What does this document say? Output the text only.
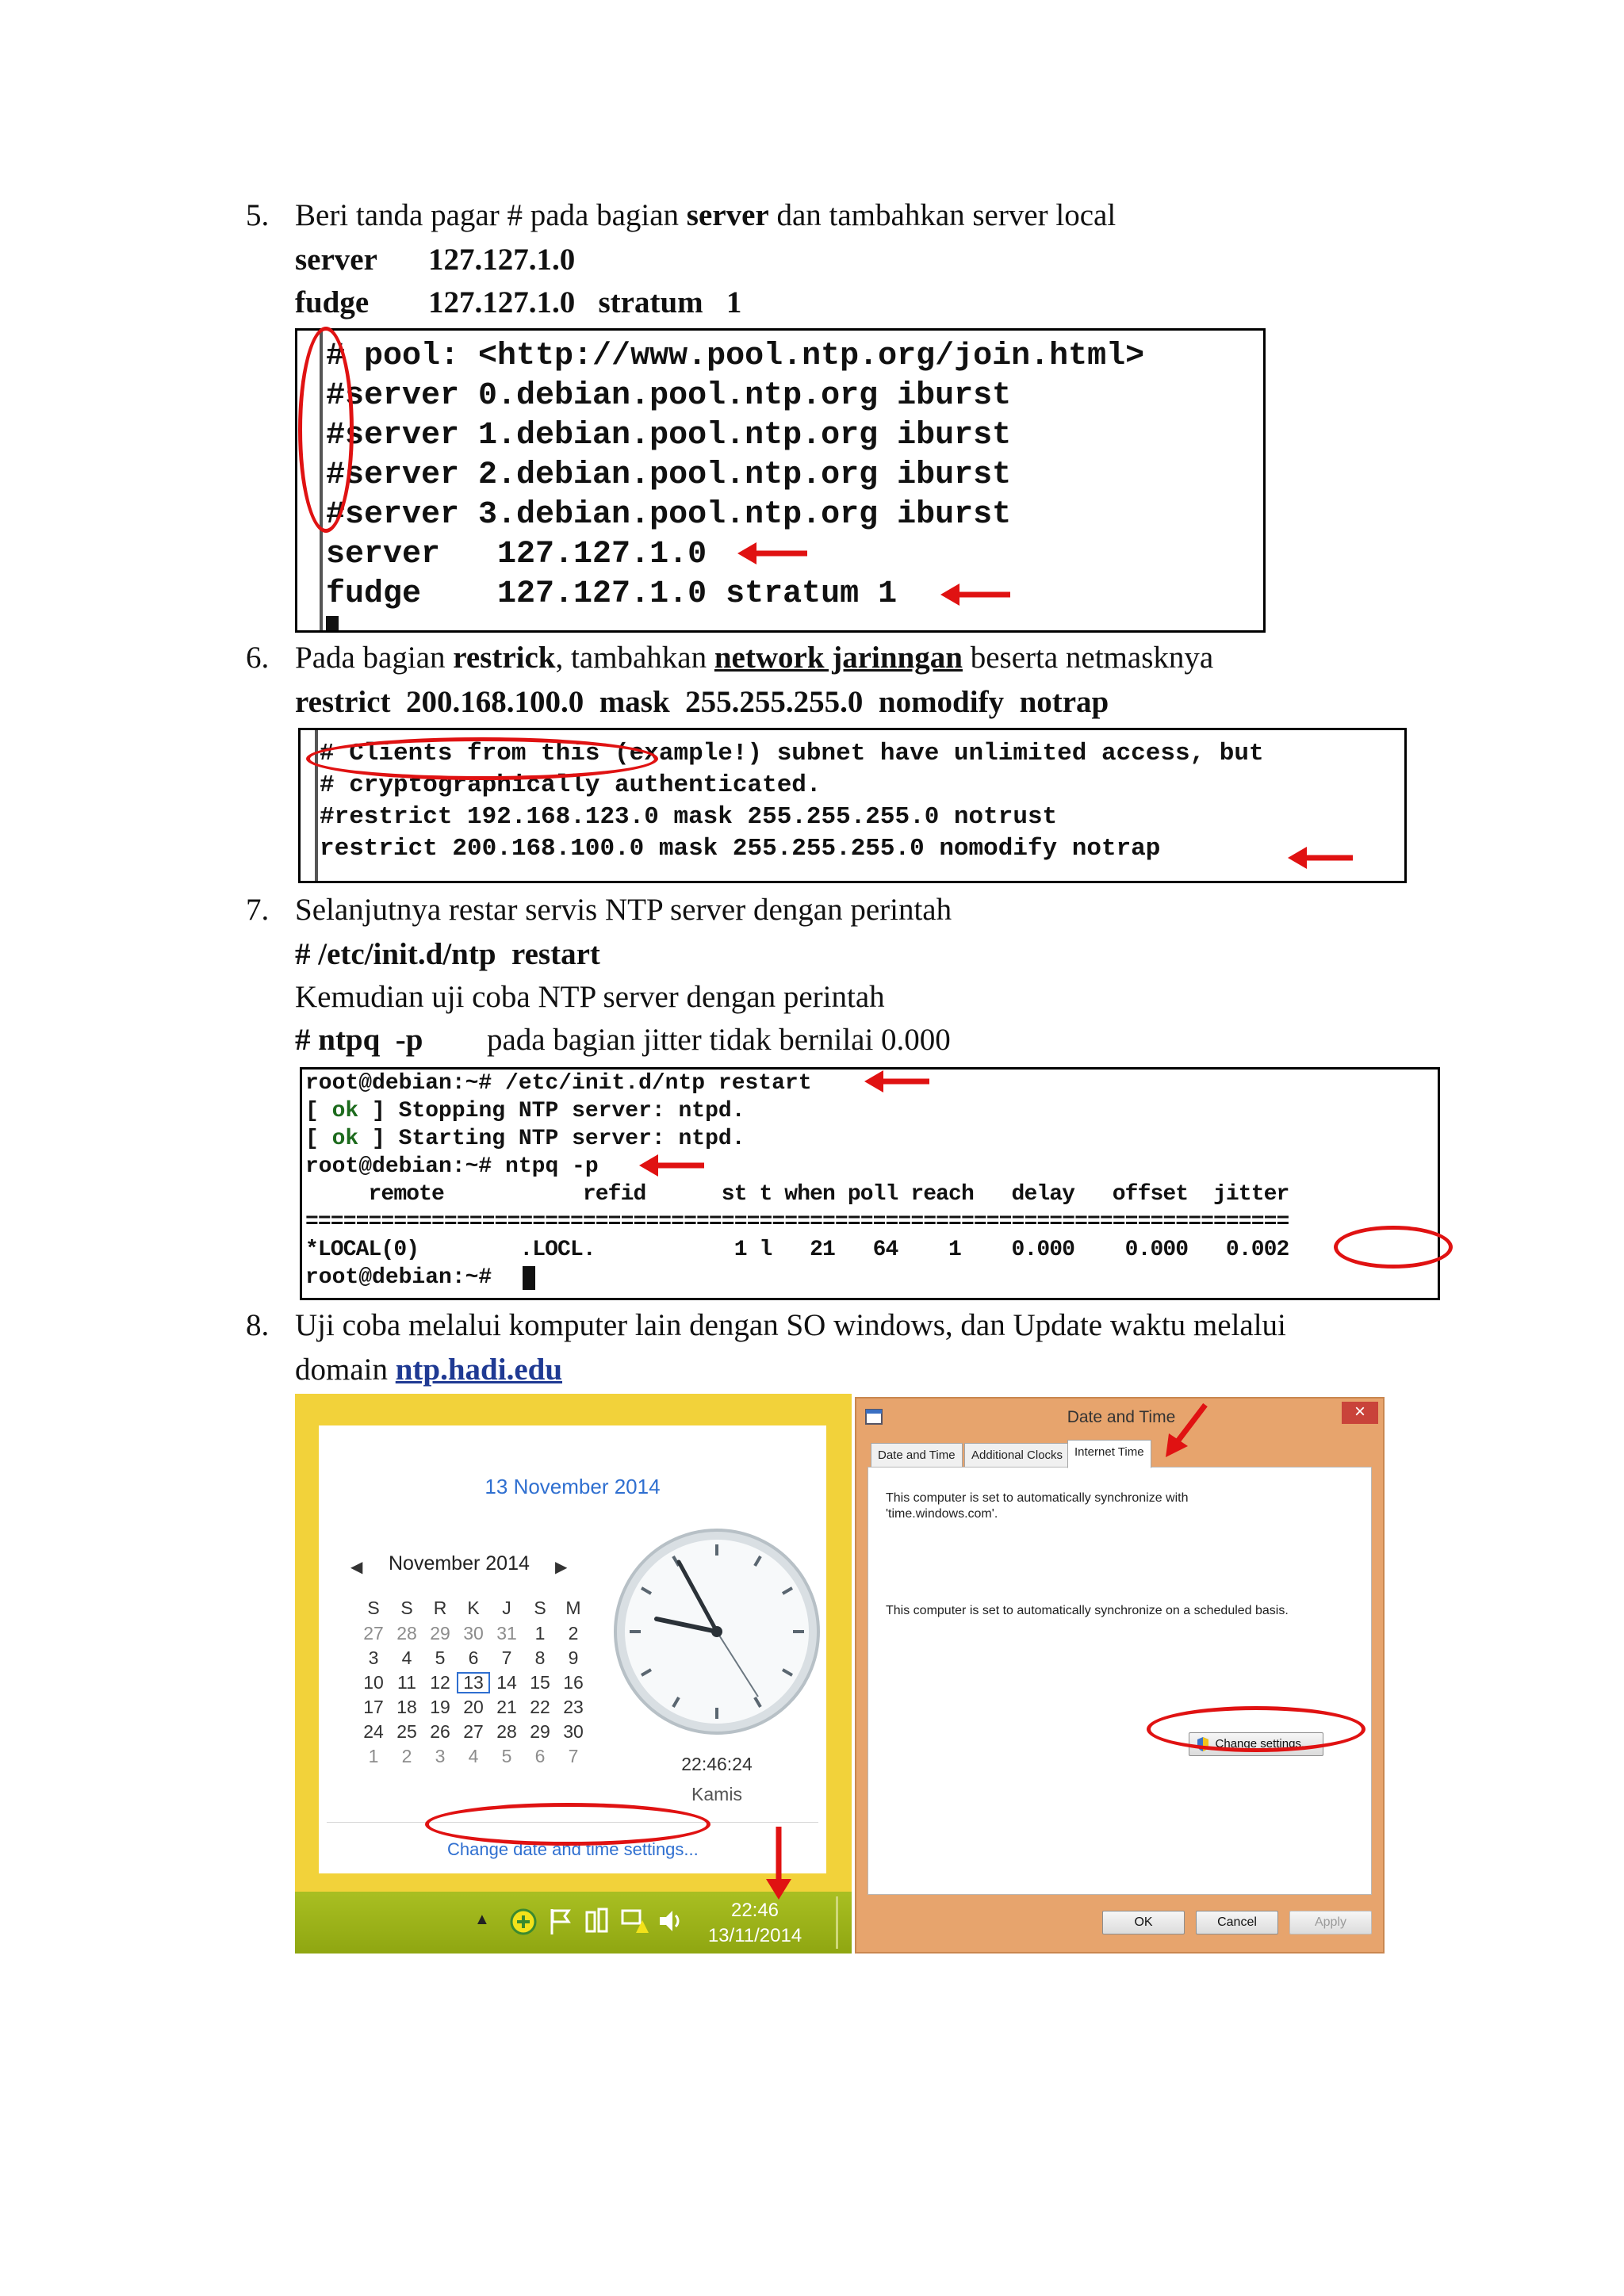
5. Beri tanda pagar # pada bagian server dan tambahkan server local
server 127.127.1.0
fudge 127.127.1.0   stratum   1
# pool: <http://www.pool.ntp.org/join.html>
#server 0.debian.pool.ntp.org iburst
#server 1.debian.pool.ntp.org iburst
#server 2.debian.pool.ntp.org iburst
#server 3.debian.pool.ntp.org iburst
server   127.127.1.0
fudge    127.127.1.0 stratum 1
6. Pada bagian restrick, tambahkan network jarinngan beserta netmasknya
restrict  200.168.100.0  mask  255.255.255.0  nomodify  notrap
# Clients from this (example!) subnet have unlimited access, but
# cryptographically authenticated.
#restrict 192.168.123.0 mask 255.255.255.0 notrust
restrict 200.168.100.0 mask 255.255.255.0 nomodify notrap
7. Selanjutnya restar servis NTP server dengan perintah
# /etc/init.d/ntp  restart
Kemudian uji coba NTP server dengan perintah
# ntpq  -p pada bagian jitter tidak bernilai 0.000
root@debian:~# /etc/init.d/ntp restart
[ ok ] Stopping NTP server: ntpd.
[ ok ] Starting NTP server: ntpd.
root@debian:~# ntpq -p
remote           refid      st t when poll reach   delay   offset  jitter
==============================================================================
*LOCAL(0)        .LOCL.           1 l   21   64    1    0.000    0.000   0.002
root@debian:~#
8. Uji coba melalui komputer lain dengan SO windows, dan Update waktu melalui
domain ntp.hadi.edu
13 November 2014
◀ November 2014 ▶
S	S	R	K	J	S	M
27 28 29 30 31 1	2
3	4	5	6	7	8	9
10 11 12 13 14 15 16
17 18 19 20 21 22 23
24 25 26 27 28 29 30
1	2	3	4	5	6	7	22:46:24
Kamis
Change date and time settings...
▲	22:46
13/11/2014
Date and Time	×
Date and Time	Additional Clocks Internet Time
This computer is set to automatically synchronize with
'time.windows.com'.
This computer is set to automatically synchronize on a scheduled basis.
Change settings...
OK	Cancel	Apply
